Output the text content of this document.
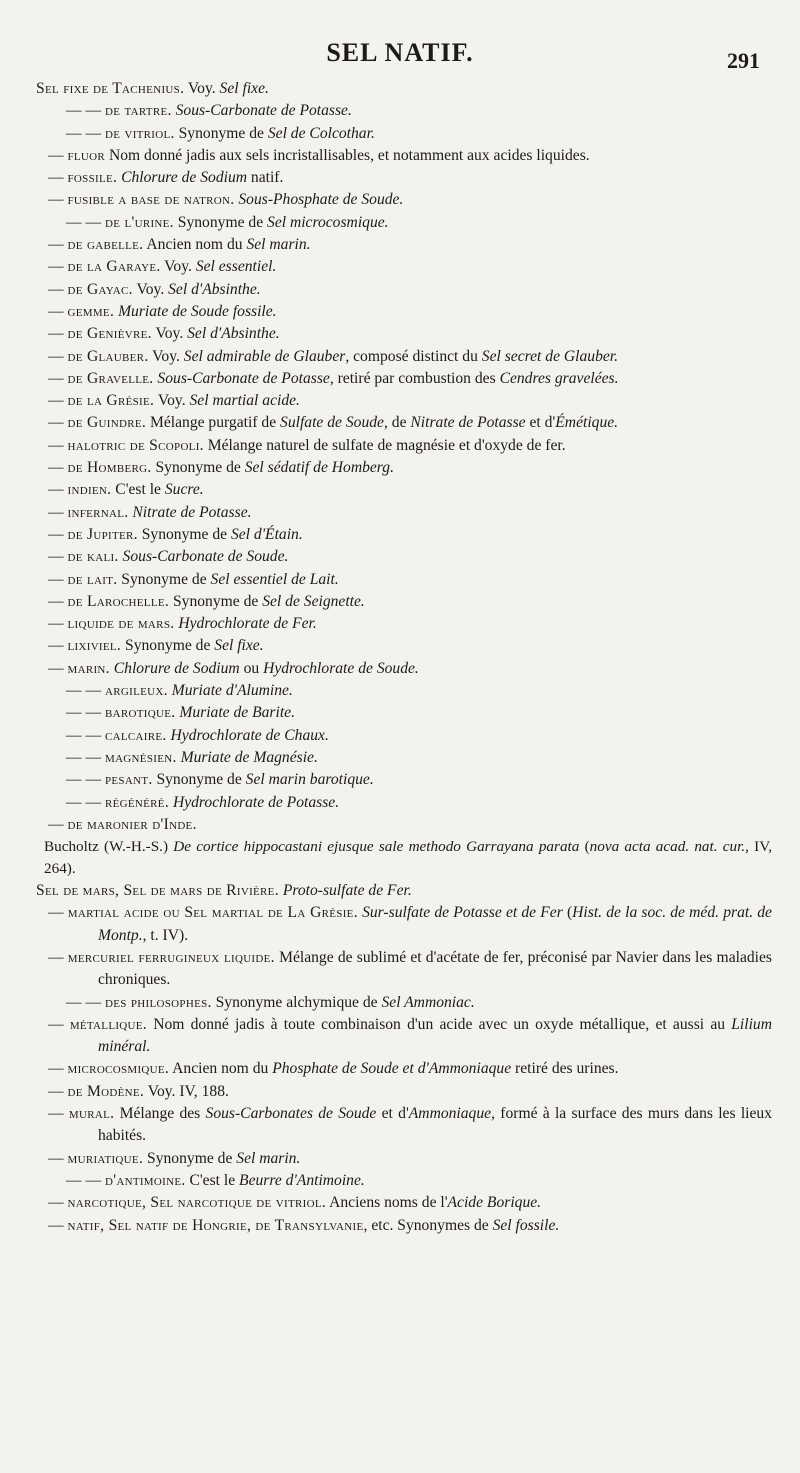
SEL NATIF.	291
Sel fixe de Tachenius. Voy. Sel fixe.
— — de tartre. Sous-Carbonate de Potasse.
— — de vitriol. Synonyme de Sel de Colcothar.
— fluor Nom donné jadis aux sels incristallisables, et notamment aux acides liquides.
— fossile. Chlorure de Sodium natif.
— fusible a base de natron. Sous-Phosphate de Soude.
— — de l'urine. Synonyme de Sel microcosmique.
— de gabelle. Ancien nom du Sel marin.
— de la Garaye. Voy. Sel essentiel.
— de Gayac. Voy. Sel d'Absinthe.
— gemme. Muriate de Soude fossile.
— de Genièvre. Voy. Sel d'Absinthe.
— de Glauber. Voy. Sel admirable de Glauber, composé distinct du Sel secret de Glauber.
— de Gravelle. Sous-Carbonate de Potasse, retiré par combustion des Cendres gravelées.
— de la Grésie. Voy. Sel martial acide.
— de Guindre. Mélange purgatif de Sulfate de Soude, de Nitrate de Potasse et d'Émétique.
— halotric de Scopoli. Mélange naturel de sulfate de magnésie et d'oxyde de fer.
— de Homberg. Synonyme de Sel sédatif de Homberg.
— indien. C'est le Sucre.
— infernal. Nitrate de Potasse.
— de Jupiter. Synonyme de Sel d'Étain.
— de kali. Sous-Carbonate de Soude.
— de lait. Synonyme de Sel essentiel de Lait.
— de Larochelle. Synonyme de Sel de Seignette.
— liquide de mars. Hydrochlorate de Fer.
— lixiviel. Synonyme de Sel fixe.
— marin. Chlorure de Sodium ou Hydrochlorate de Soude.
— — argileux. Muriate d'Alumine.
— — barotique. Muriate de Barite.
— — calcaire. Hydrochlorate de Chaux.
— — magnésien. Muriate de Magnésie.
— — pesant. Synonyme de Sel marin barotique.
— — régénéré. Hydrochlorate de Potasse.
— de maronier d'Inde.
Bucholtz (W.-H.-S.) De cortice hippocastani ejusque sale methodo Garrayana parata (nova acta acad. nat. cur., IV, 264).
Sel de mars, Sel de mars de Rivière. Proto-sulfate de Fer.
— martial acide ou Sel martial de La Grésie. Sur-sulfate de Potasse et de Fer (Hist. de la soc. de méd. prat. de Montp., t. IV).
— mercuriel ferrugineux liquide. Mélange de sublimé et d'acétate de fer, préconisé par Navier dans les maladies chroniques.
— — des philosophes. Synonyme alchymique de Sel Ammoniac.
— métallique. Nom donné jadis à toute combinaison d'un acide avec un oxyde métallique, et aussi au Lilium minéral.
— microcosmique. Ancien nom du Phosphate de Soude et d'Ammoniaque retiré des urines.
— de Modène. Voy. IV, 188.
— mural. Mélange des Sous-Carbonates de Soude et d'Ammoniaque, formé à la surface des murs dans les lieux habités.
— muriatique. Synonyme de Sel marin.
— — d'antimoine. C'est le Beurre d'Antimoine.
— narcotique, Sel narcotique de vitriol. Anciens noms de l'Acide Borique.
— natif, Sel natif de Hongrie, de Transylvanie, etc. Synonymes de Sel fossile.
